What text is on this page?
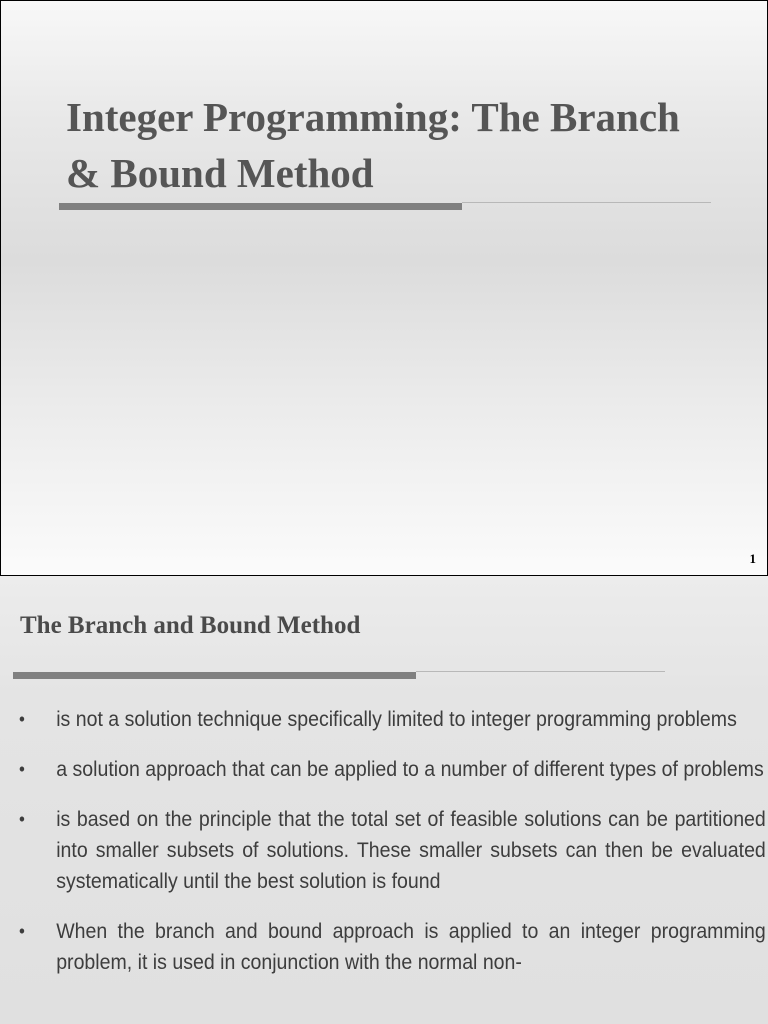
Integer Programming: The Branch & Bound Method
1
The Branch and Bound Method
• is not a solution technique specifically limited to integer programming problems
• a solution approach that can be applied to a number of different types of problems
• is based on the principle that the total set of feasible solutions can be partitioned into smaller subsets of solutions. These smaller subsets can then be evaluated systematically until the best solution is found
• When the branch and bound approach is applied to an integer programming problem, it is used in conjunction with the normal non-
